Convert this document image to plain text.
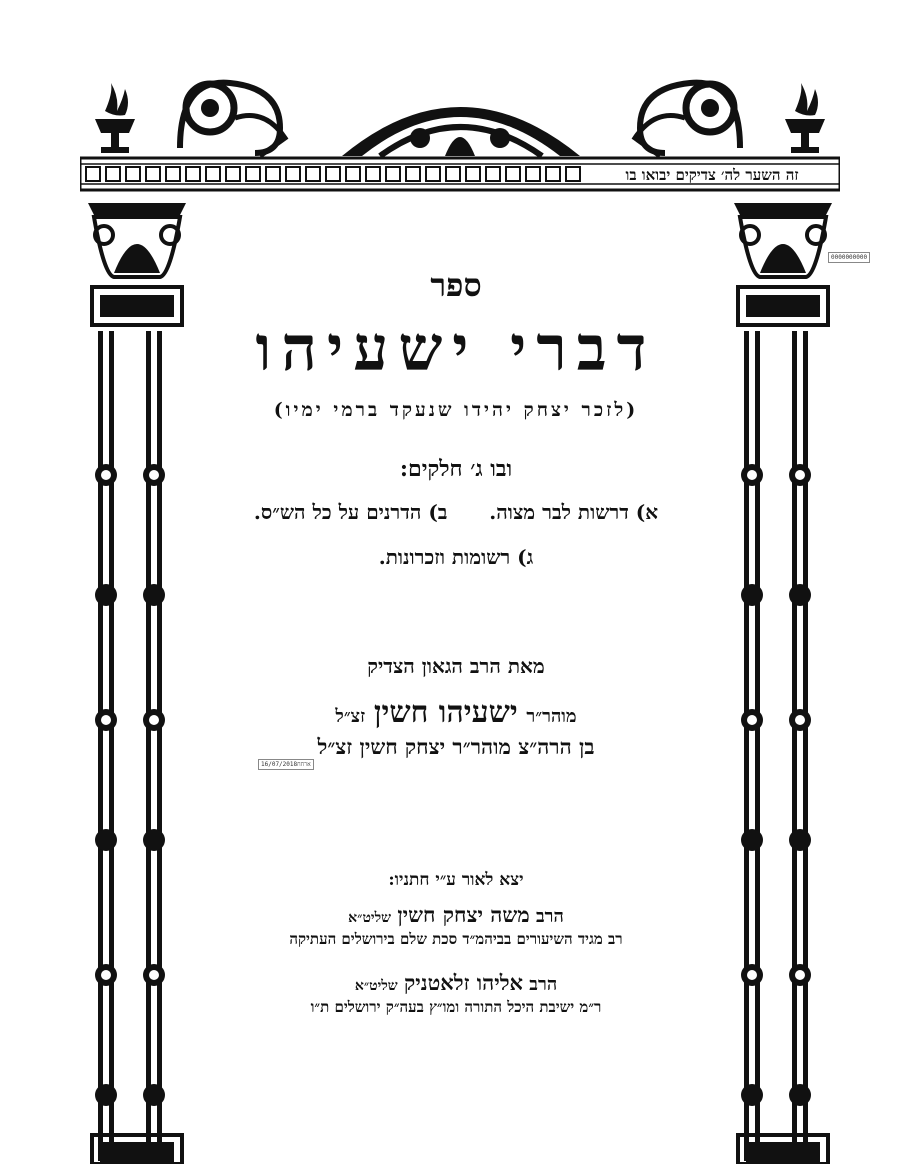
זה השער לה׳ צדיקים יבואו בו
ספר
דברי ישעיהו
(לזכר יצחק יהידו שנעקד ברמי ימיו)
ובו ג׳ חלקים:
א) דרשות לבר מצוה.      ב) הדרנים על כל הש״ס.
ג) רשומות וזכרונות.
מאת הרב הגאון הצדיק
מוהר״ר ישעיהו חשין זצ״ל
בן הרה״צ מוהר״ר יצחק חשין זצ״ל
יצא לאור ע״י חתניו:
הרב משה יצחק חשין שליט״א
רב מגיד השיעורים בביהמ״ד סכת שלם בירושלים העתיקה
הרב אליהו זלאטניק שליט״א
ר״מ ישיבת היכל התורה ומו״ץ בעה״ק ירושלים ת״ו
16/07/2018ארחח
0000000000
